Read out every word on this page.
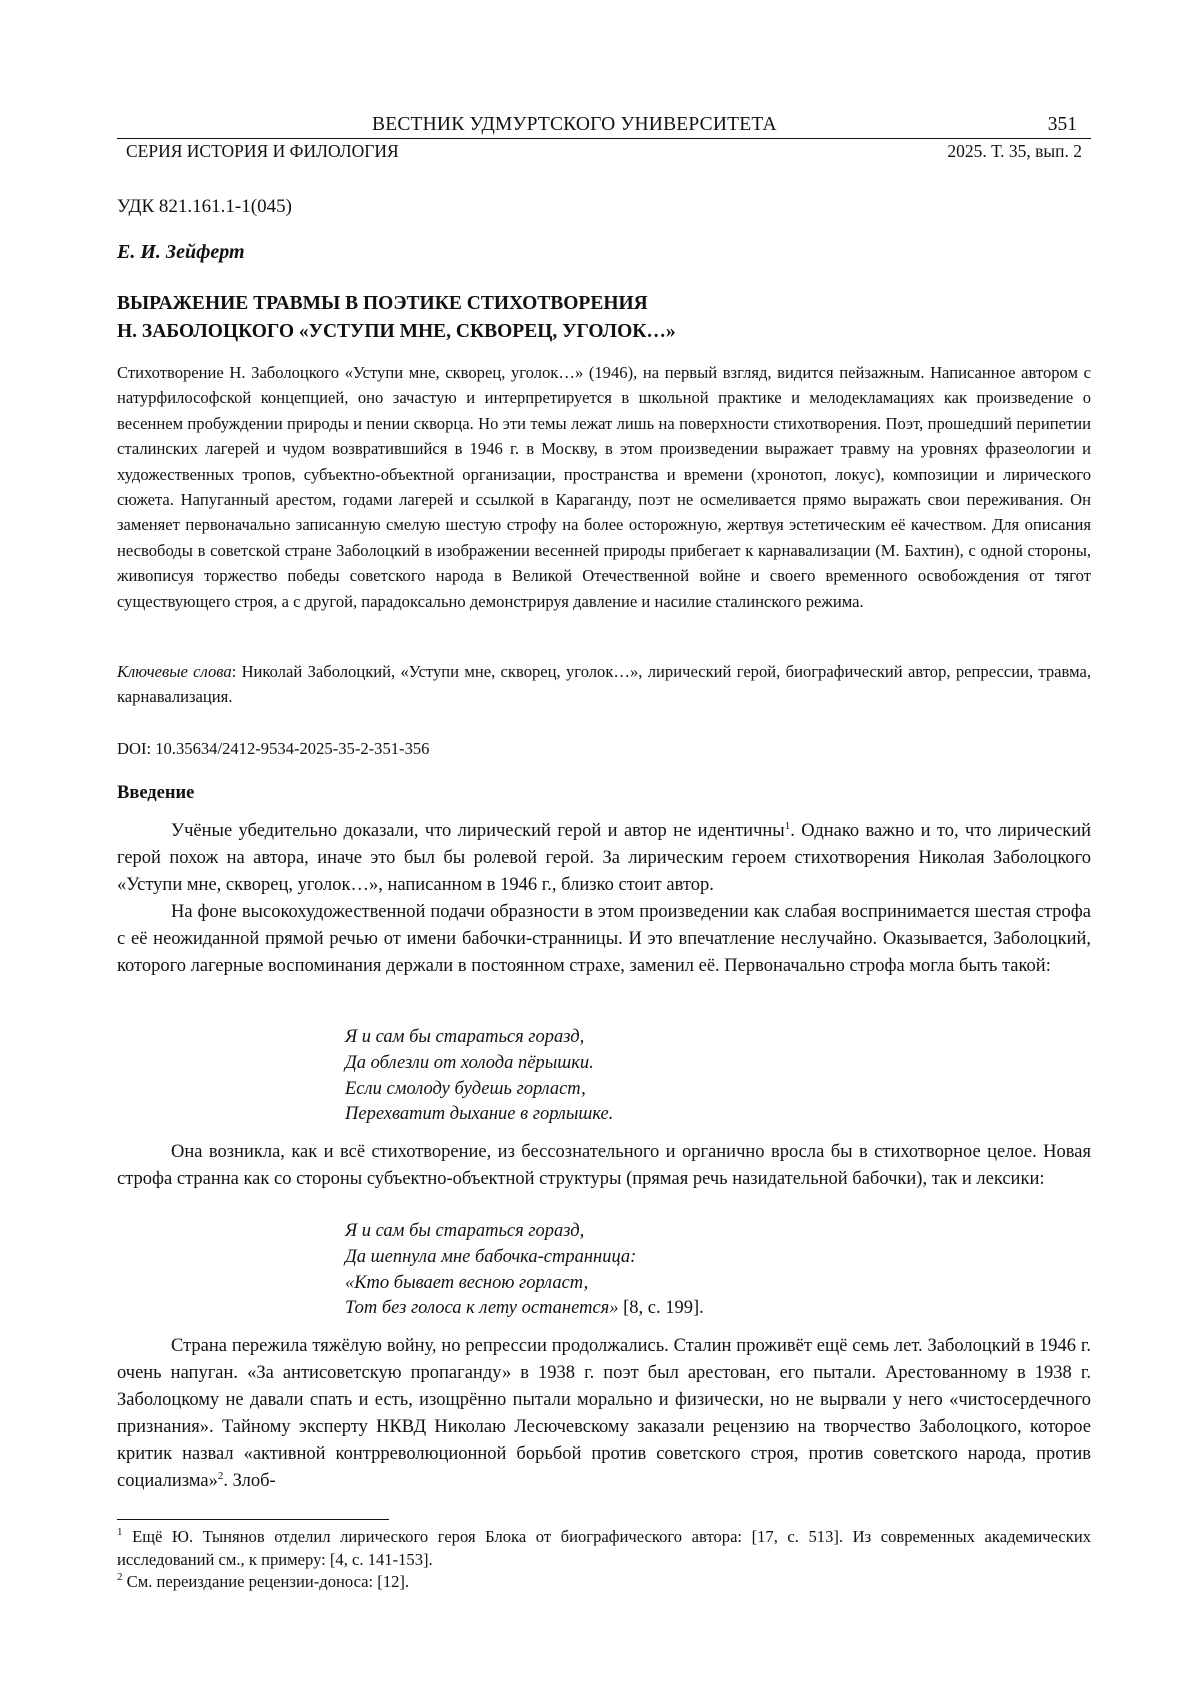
ВЕСТНИК УДМУРТСКОГО УНИВЕРСИТЕТА	351
СЕРИЯ ИСТОРИЯ И ФИЛОЛОГИЯ	2025. Т. 35, вып. 2
УДК 821.161.1-1(045)
Е. И. Зейферт
ВЫРАЖЕНИЕ ТРАВМЫ В ПОЭТИКЕ СТИХОТВОРЕНИЯ
Н. ЗАБОЛОЦКОГО «УСТУПИ МНЕ, СКВОРЕЦ, УГОЛОК…»
Стихотворение Н. Заболоцкого «Уступи мне, скворец, уголок…» (1946), на первый взгляд, видится пейзажным. Написанное автором с натурфилософской концепцией, оно зачастую и интерпретируется в школьной практике и мелодекламациях как произведение о весеннем пробуждении природы и пении скворца. Но эти темы лежат лишь на поверхности стихотворения. Поэт, прошедший перипетии сталинских лагерей и чудом возвратившийся в 1946 г. в Москву, в этом произведении выражает травму на уровнях фразеологии и художественных тропов, субъектно-объектной организации, пространства и времени (хронотоп, локус), композиции и лирического сюжета. Напуганный арестом, годами лагерей и ссылкой в Караганду, поэт не осмеливается прямо выражать свои переживания. Он заменяет первоначально записанную смелую шестую строфу на более осторожную, жертвуя эстетическим её качеством. Для описания несвободы в советской стране Заболоцкий в изображении весенней природы прибегает к карнавализации (М. Бахтин), с одной стороны, живописуя торжество победы советского народа в Великой Отечественной войне и своего временного освобождения от тягот существующего строя, а с другой, парадоксально демонстрируя давление и насилие сталинского режима.
Ключевые слова: Николай Заболоцкий, «Уступи мне, скворец, уголок…», лирический герой, биографический автор, репрессии, травма, карнавализация.
DOI: 10.35634/2412-9534-2025-35-2-351-356
Введение

Учёные убедительно доказали, что лирический герой и автор не идентичны$^1$. Однако важно и то, что лирический герой похож на автора, иначе это был бы ролевой герой. За лирическим героем стихотворения Николая Заболоцкого «Уступи мне, скворец, уголок…», написанном в 1946 г., близко стоит автор.

На фоне высокохудожественной подачи образности в этом произведении как слабая воспринимается шестая строфа с её неожиданной прямой речью от имени бабочки-странницы. И это впечатление неслучайно. Оказывается, Заболоцкий, которого лагерные воспоминания держали в постоянном страхе, заменил её. Первоначально строфа могла быть такой:

Я и сам бы стараться горазд,
Да облезли от холода пёрышки.
Если смолоду будешь горласт,
Перехватит дыхание в горлышке.

Она возникла, как и всё стихотворение, из бессознательного и органично вросла бы в стихотворное целое. Новая строфа странна как со стороны субъектно-объектной структуры (прямая речь назидательной бабочки), так и лексики:

Я и сам бы стараться горазд,
Да шепнула мне бабочка-странница:
«Кто бывает весною горласт,
Тот без голоса к лету останется» [8, с. 199].

Страна пережила тяжёлую войну, но репрессии продолжались. Сталин проживёт ещё семь лет. Заболоцкий в 1946 г. очень напуган. «За антисоветскую пропаганду» в 1938 г. поэт был арестован, его пытали. Арестованному в 1938 г. Заболоцкому не давали спать и есть, изощрённо пытали морально и физически, но не вырвали у него «чистосердечного признания». Тайному эксперту НКВД Николаю Лесючевскому заказали рецензию на творчество Заболоцкого, которое критик назвал «активной контрреволюционной борьбой против советского строя, против советского народа, против социализма»$^2$. Злоб-

$^1$ Ещё Ю. Тынянов отделил лирического героя Блока от биографического автора: [17, с. 513]. Из современных академических исследований см., к примеру: [4, с. 141-153].

$^2$ См. переиздание рецензии-доноса: [12].
